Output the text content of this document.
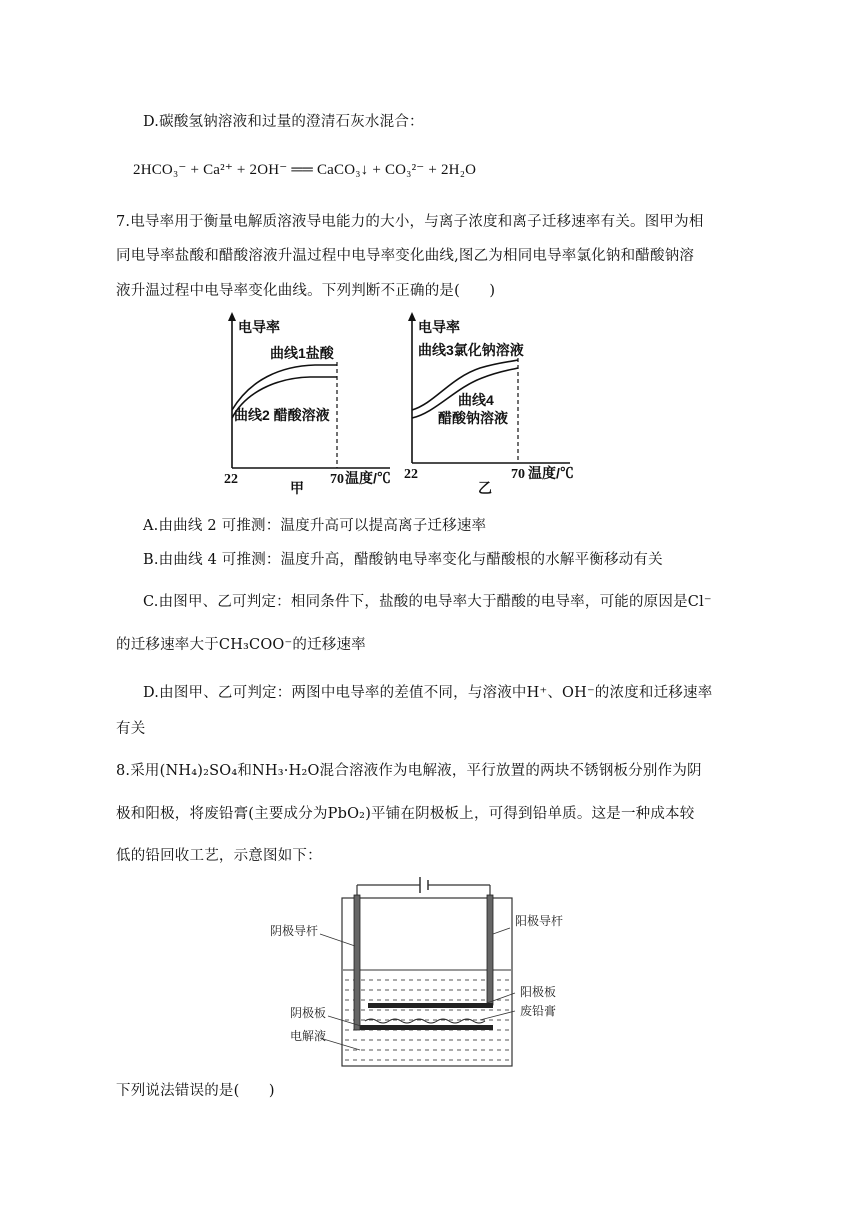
D.碳酸氢钠溶液和过量的澄清石灰水混合：
2HCO₃⁻ + Ca²⁺ + 2OH⁻ ══ CaCO₃↓ + CO₃²⁻ + 2H₂O
7.电导率用于衡量电解质溶液导电能力的大小，与离子浓度和离子迁移速率有关。图甲为相
同电导率盐酸和醋酸溶液升温过程中电导率变化曲线,图乙为相同电导率氯化钠和醋酸钠溶
液升温过程中电导率变化曲线。下列判断不正确的是(　　)
电导率
曲线1盐酸
曲线2 醋酸溶液
22	70 温度/℃
甲
电导率
曲线3氯化钠溶液
曲线4
醋酸钠溶液
22	70 温度/℃
乙
A.由曲线 2 可推测：温度升高可以提高离子迁移速率
B.由曲线 4 可推测：温度升高，醋酸钠电导率变化与醋酸根的水解平衡移动有关
C.由图甲、乙可判定：相同条件下，盐酸的电导率大于醋酸的电导率，可能的原因是Cl⁻
的迁移速率大于CH₃COO⁻的迁移速率
D.由图甲、乙可判定：两图中电导率的差值不同，与溶液中H⁺、OH⁻的浓度和迁移速率
有关
8.采用(NH₄)₂SO₄和NH₃·H₂O混合溶液作为电解液，平行放置的两块不锈钢板分别作为阴
极和阳极，将废铅膏(主要成分为PbO₂)平铺在阴极板上，可得到铅单质。这是一种成本较
低的铅回收工艺，示意图如下：
阴极导杆
阳极导杆
阳极板
废铅膏
阴极板
电解液
下列说法错误的是(　　)
